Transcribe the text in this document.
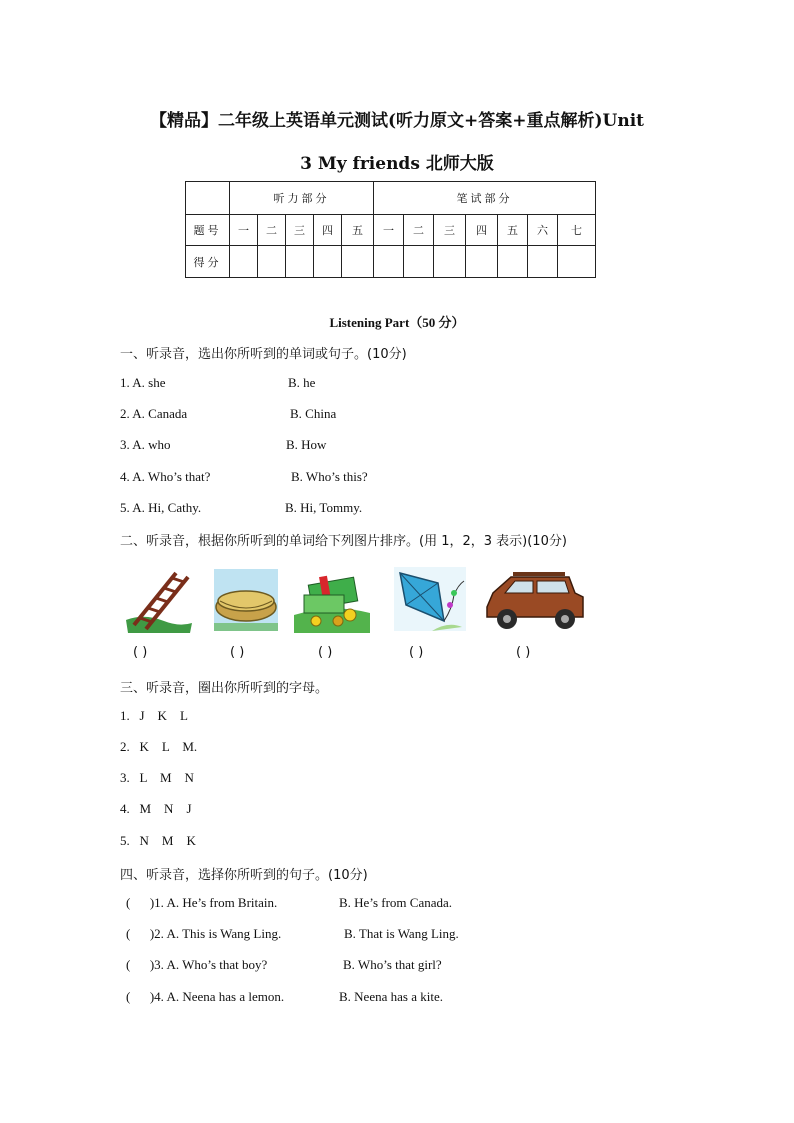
【精品】二年级上英语单元测试(听力原文+答案+重点解析)Unit
3 My friends 北师大版
	听力部分					笔试部分						
题号	一	二	三	四	五	一	二	三	四	五	六	七
得分												
Listening Part（50 分）
一、听录音，选出你所听到的单词或句子。(10分)
1. A. she	B. he
2. A. Canada	B. China
3. A. who	B. How
4. A. Who’s that?	B. Who’s this?
5. A. Hi, Cathy.	B. Hi, Tommy.
二、听录音，根据你所听到的单词给下列图片排序。(用 1，2，3 表示)(10分)
( )	( )	( )	( )	( )
三、听录音，圈出你所听到的字母。
1.   J    K    L
2.   K    L    M.
3.   L    M    N
4.   M    N    J
5.   N    M    K
四、听录音，选择你所听到的句子。(10分)
(      )1. A. He’s from Britain.	B. He’s from Canada.
(      )2. A. This is Wang Ling.	B. That is Wang Ling.
(      )3. A. Who’s that boy?	B. Who’s that girl?
(      )4. A. Neena has a lemon.	B. Neena has a kite.
